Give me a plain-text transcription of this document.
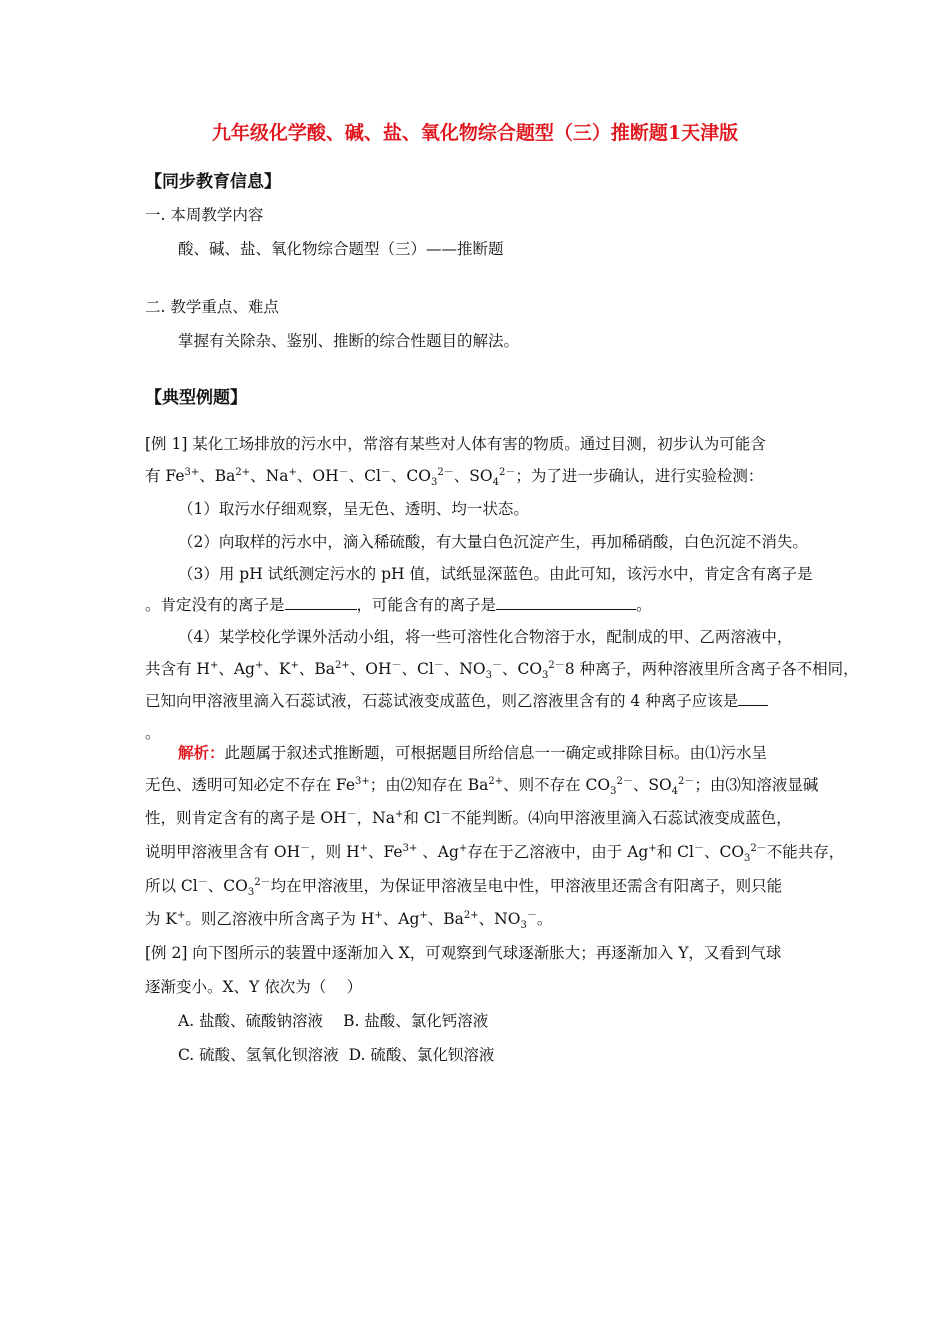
九年级化学酸、碱、盐、氧化物综合题型（三）推断题1天津版
【同步教育信息】
一. 本周教学内容
酸、碱、盐、氧化物综合题型（三）——推断题
二. 教学重点、难点
掌握有关除杂、鉴别、推断的综合性题目的解法。
【典型例题】
[例 1] 某化工场排放的污水中，常溶有某些对人体有害的物质。通过目测，初步认为可能含
有 $Fe^{3+}$、$Ba^{2+}$、Na+、OH－、Cl－、$CO_3^{2-}$、$SO_4^{2-}$；为了进一步确认，进行实验检测：
（1）取污水仔细观察，呈无色、透明、均一状态。
（2）向取样的污水中，滴入稀硫酸，有大量白色沉淀产生，再加稀硝酸，白色沉淀不消失。
（3）用 pH 试纸测定污水的 pH 值，试纸显深蓝色。由此可知，该污水中，肯定含有离子是
。肯定没有的离子是	，可能含有的离子是	。
（4）某学校化学课外活动小组，将一些可溶性化合物溶于水，配制成的甲、乙两溶液中，
共含有 H+、Ag+、K+、$Ba^{2+}$、OH－、Cl－、$NO_3^-$、$CO_3^{2-}8$ 种离子，两种溶液里所含离子各不相同，
已知向甲溶液里滴入石蕊试液，石蕊试液变成蓝色，则乙溶液里含有的 4 种离子应该是
。
解析：此题属于叙述式推断题，可根据题目所给信息一一确定或排除目标。由⑴污水呈
无色、透明可知必定不存在 $Fe^{3+}$；由⑵知存在 $Ba^{2+}$、则不存在 $CO_3^{2-}$、$SO_4^{2-}$；由⑶知溶液显碱
性，则肯定含有的离子是 OH－，Na+和 Cl－不能判断。⑷向甲溶液里滴入石蕊试液变成蓝色，
说明甲溶液里含有 OH－，则 H+、$Fe^{3+}$ 、Ag+存在于乙溶液中，由于 Ag+和 Cl－、$CO_3^{2-}$不能共存，
所以 Cl－、$CO_3^{2-}$均在甲溶液里，为保证甲溶液呈电中性，甲溶液里还需含有阳离子，则只能
为 K+。则乙溶液中所含离子为 H+、Ag+、$Ba^{2+}$、$NO_3^-$。
[例 2] 向下图所示的装置中逐渐加入 X，可观察到气球逐渐胀大；再逐渐加入 Y，又看到气球
逐渐变小。X、Y 依次为（　 ）
A. 盐酸、硫酸钠溶液 B. 盐酸、氯化钙溶液
C. 硫酸、氢氧化钡溶液 D. 硫酸、氯化钡溶液
